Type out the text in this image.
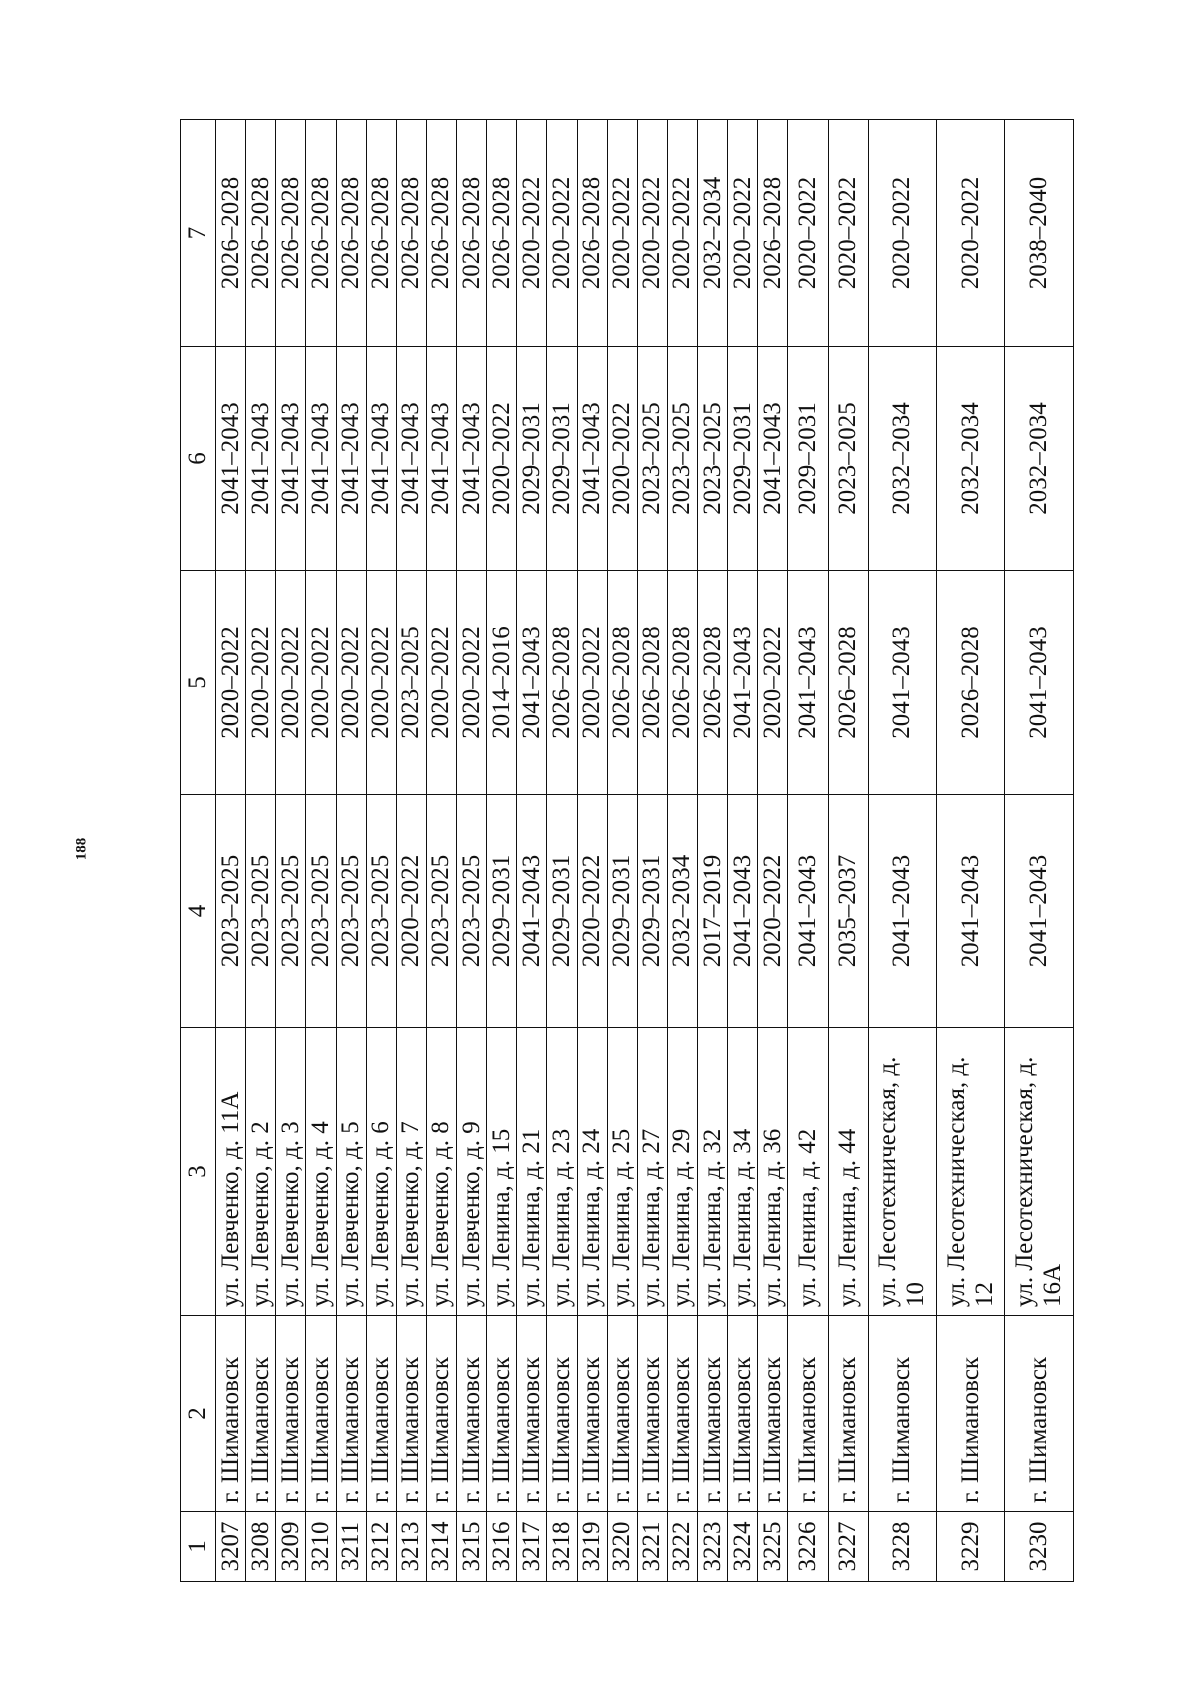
188
1	2	3	4	5	6	7
3207	г. Шимановск	ул. Левченко, д. 11А	2023–2025	2020–2022	2041–2043	2026–2028
3208	г. Шимановск	ул. Левченко, д. 2	2023–2025	2020–2022	2041–2043	2026–2028
3209	г. Шимановск	ул. Левченко, д. 3	2023–2025	2020–2022	2041–2043	2026–2028
3210	г. Шимановск	ул. Левченко, д. 4	2023–2025	2020–2022	2041–2043	2026–2028
3211	г. Шимановск	ул. Левченко, д. 5	2023–2025	2020–2022	2041–2043	2026–2028
3212	г. Шимановск	ул. Левченко, д. 6	2023–2025	2020–2022	2041–2043	2026–2028
3213	г. Шимановск	ул. Левченко, д. 7	2020–2022	2023–2025	2041–2043	2026–2028
3214	г. Шимановск	ул. Левченко, д. 8	2023–2025	2020–2022	2041–2043	2026–2028
3215	г. Шимановск	ул. Левченко, д. 9	2023–2025	2020–2022	2041–2043	2026–2028
3216	г. Шимановск	ул. Ленина, д. 15	2029–2031	2014–2016	2020–2022	2026–2028
3217	г. Шимановск	ул. Ленина, д. 21	2041–2043	2041–2043	2029–2031	2020–2022
3218	г. Шимановск	ул. Ленина, д. 23	2029–2031	2026–2028	2029–2031	2020–2022
3219	г. Шимановск	ул. Ленина, д. 24	2020–2022	2020–2022	2041–2043	2026–2028
3220	г. Шимановск	ул. Ленина, д. 25	2029–2031	2026–2028	2020–2022	2020–2022
3221	г. Шимановск	ул. Ленина, д. 27	2029–2031	2026–2028	2023–2025	2020–2022
3222	г. Шимановск	ул. Ленина, д. 29	2032–2034	2026–2028	2023–2025	2020–2022
3223	г. Шимановск	ул. Ленина, д. 32	2017–2019	2026–2028	2023–2025	2032–2034
3224	г. Шимановск	ул. Ленина, д. 34	2041–2043	2041–2043	2029–2031	2020–2022
3225	г. Шимановск	ул. Ленина, д. 36	2020–2022	2020–2022	2041–2043	2026–2028
3226	г. Шимановск	ул. Ленина, д. 42	2041–2043	2041–2043	2029–2031	2020–2022
3227	г. Шимановск	ул. Ленина, д. 44	2035–2037	2026–2028	2023–2025	2020–2022
3228	г. Шимановск	ул. Лесотехническая, д. 10	2041–2043	2041–2043	2032–2034	2020–2022
3229	г. Шимановск	ул. Лесотехническая, д. 12	2041–2043	2026–2028	2032–2034	2020–2022
3230	г. Шимановск	ул. Лесотехническая, д. 16А	2041–2043	2041–2043	2032–2034	2038–2040
